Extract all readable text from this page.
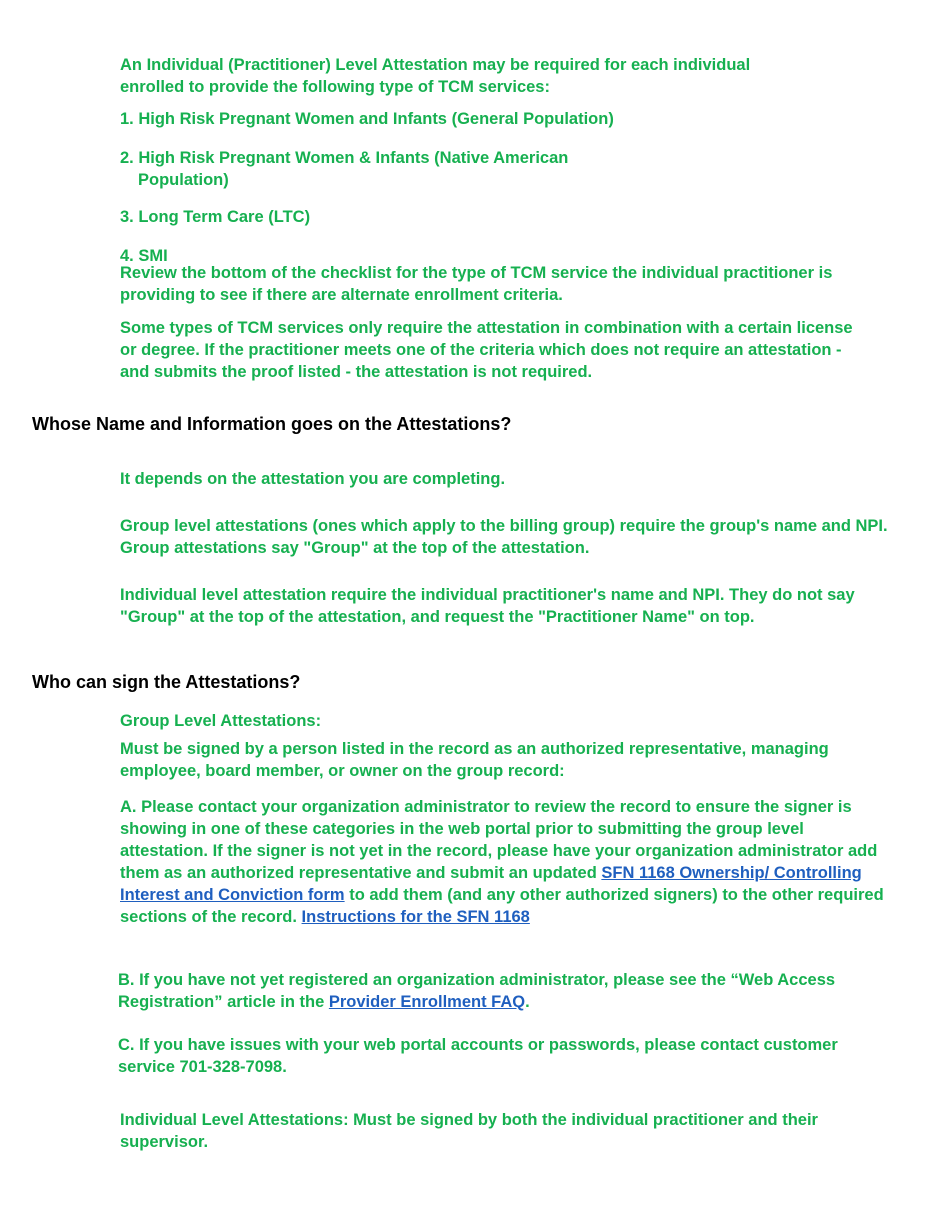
An Individual (Practitioner) Level Attestation may be required for each individual enrolled to provide the following type of TCM services:
1. High Risk Pregnant Women and Infants (General Population)
2. High Risk Pregnant Women & Infants (Native American
Population)
3. Long Term Care (LTC)
4. SMI
Review the bottom of the checklist for the type of TCM service the individual practitioner is providing to see if there are alternate enrollment criteria.
Some types of TCM services only require the attestation in combination with a certain license or degree. If the practitioner meets one of the criteria which does not require an attestation - and submits the proof listed - the attestation is not required.
Whose Name and Information goes on the Attestations?
It depends on the attestation you are completing.
Group level attestations (ones which apply to the billing group) require the group's name and NPI. Group attestations say "Group" at the top of the attestation.
Individual level attestation require the individual practitioner's name and NPI. They do not say "Group" at the top of the attestation, and request the "Practitioner Name" on top.
Who can sign the Attestations?
Group Level Attestations:
Must be signed by a person listed in the record as an authorized representative, managing employee, board member, or owner on the group record:
A. Please contact your organization administrator to review the record to ensure the signer is showing in one of these categories in the web portal prior to submitting the group level attestation. If the signer is not yet in the record, please have your organization administrator add them as an authorized representative and submit an updated SFN 1168 Ownership/ Controlling Interest and Conviction form to add them (and any other authorized signers) to the other required sections of the record. Instructions for the SFN 1168
B. If you have not yet registered an organization administrator, please see the “Web Access Registration” article in the Provider Enrollment FAQ.
C. If you have issues with your web portal accounts or passwords, please contact customer service 701-328-7098.
Individual Level Attestations: Must be signed by both the individual practitioner and their supervisor.
